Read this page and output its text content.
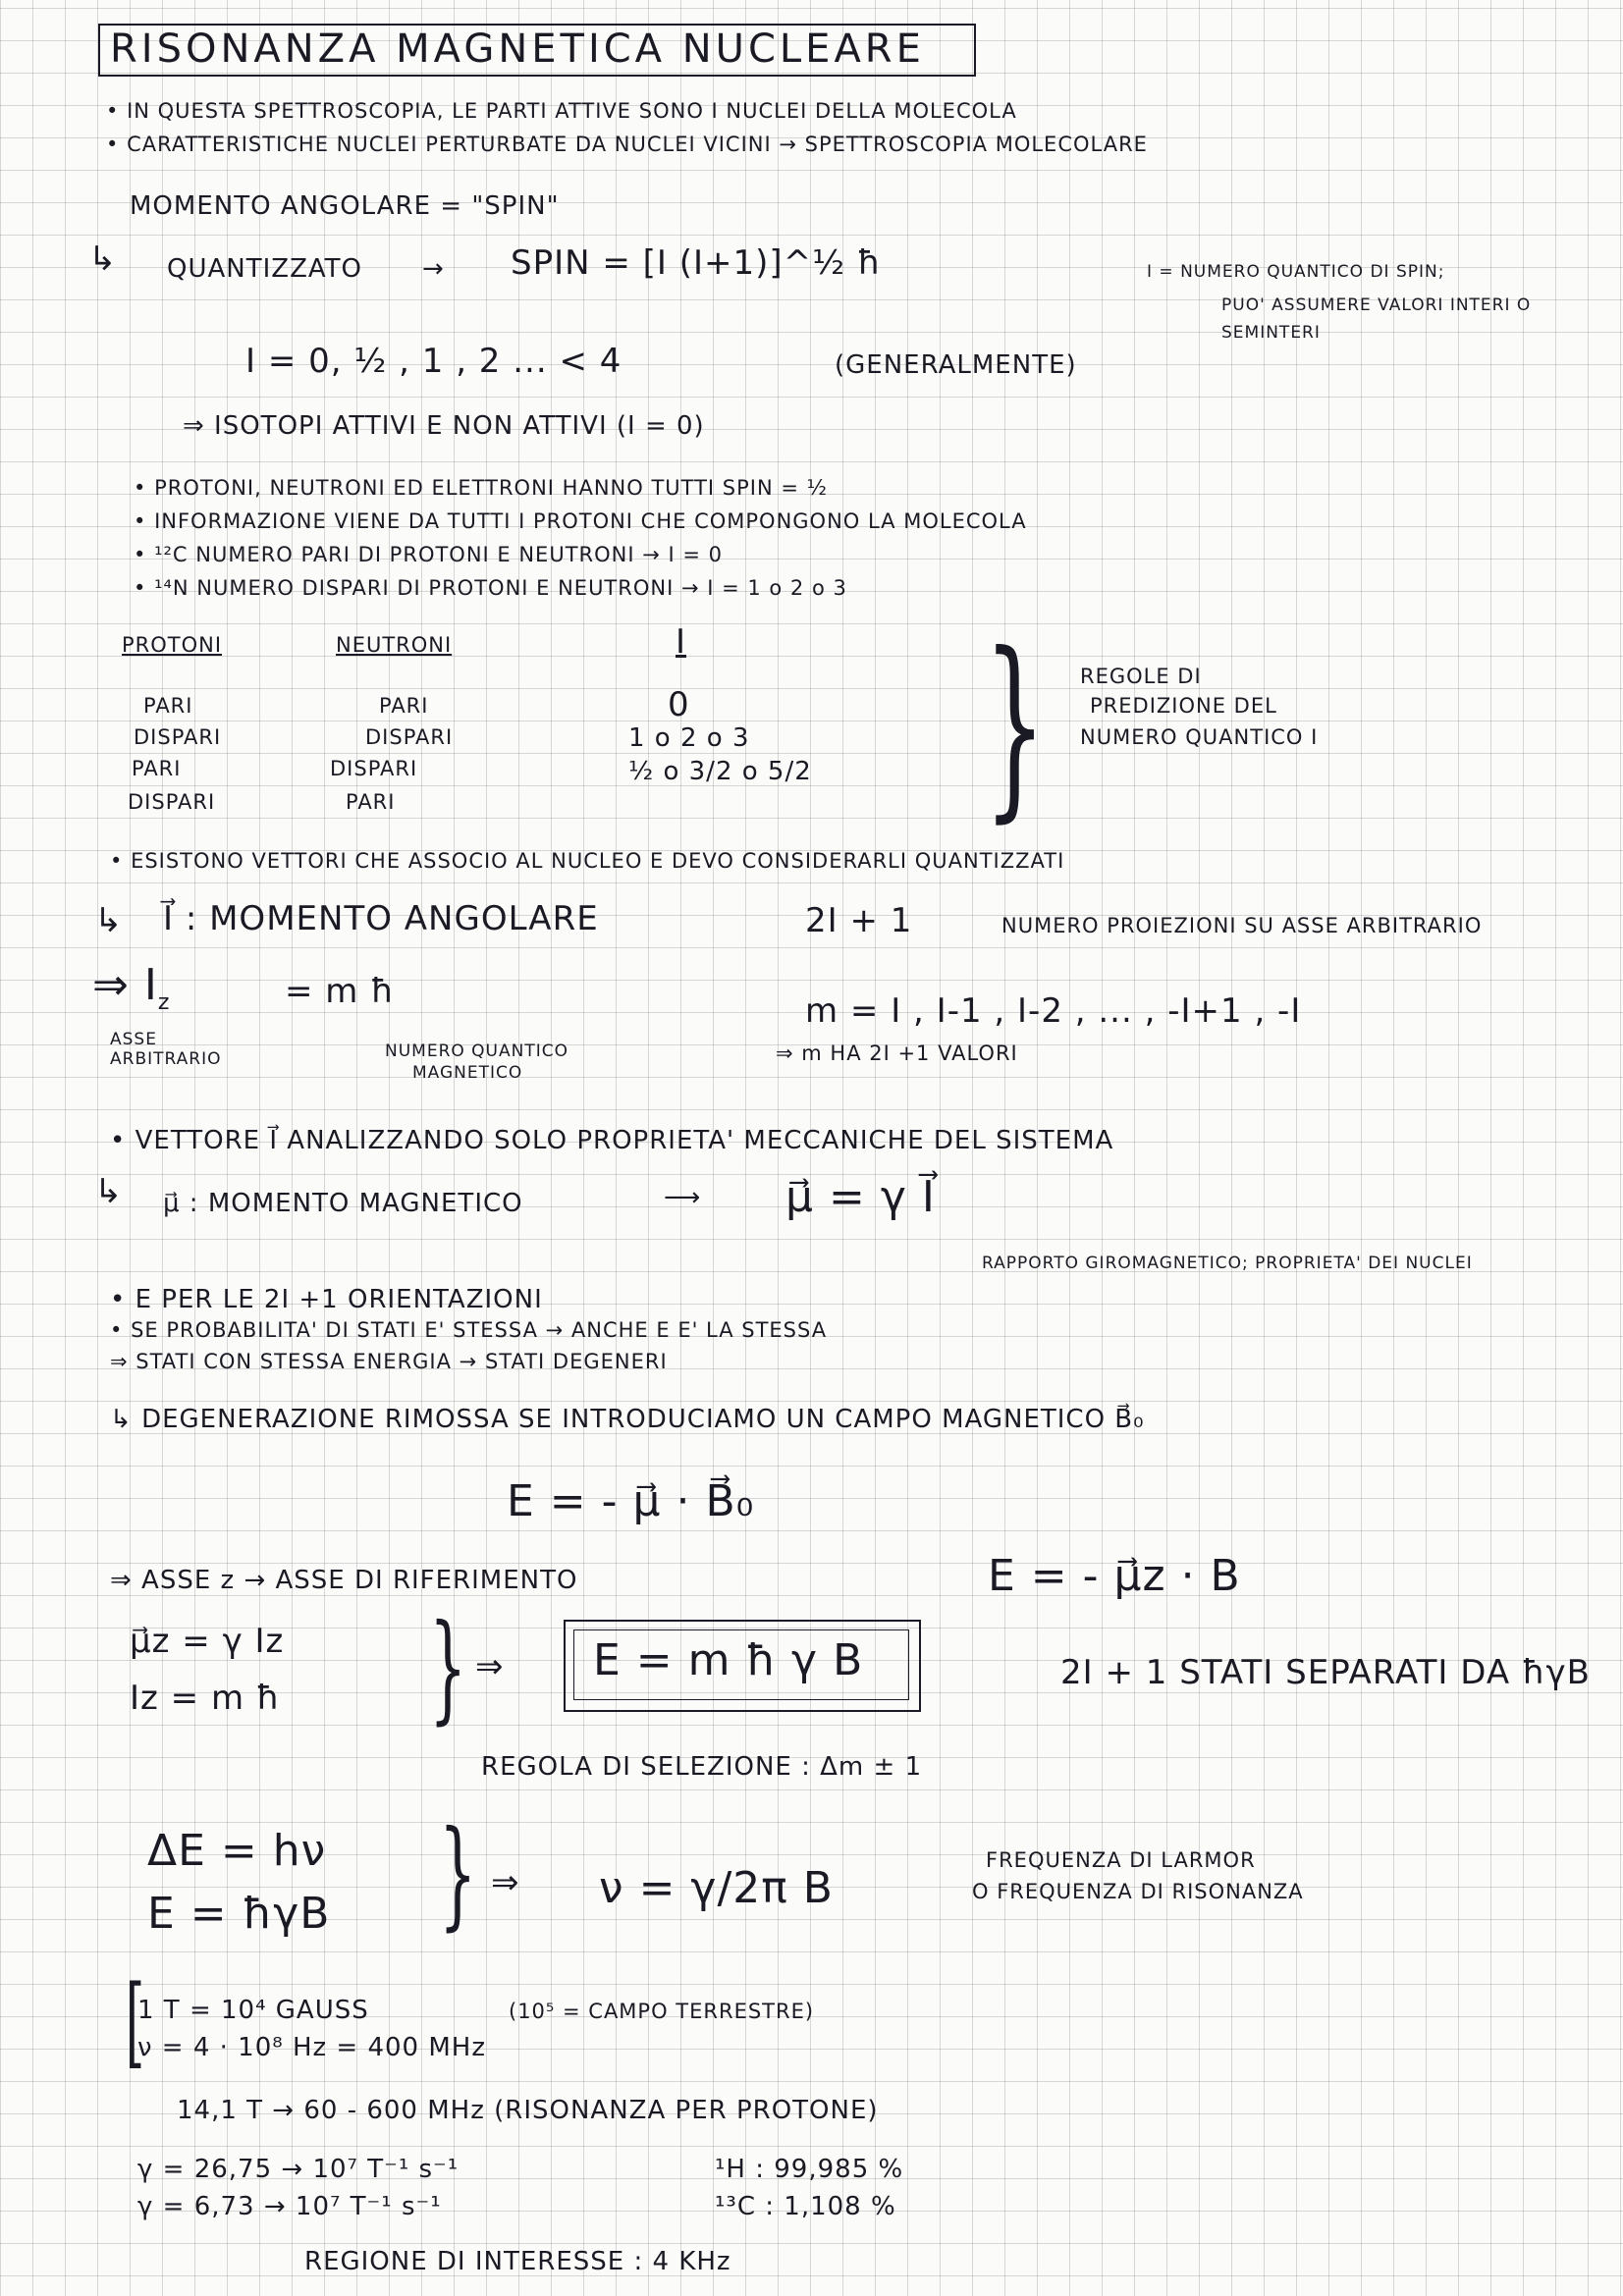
RISONANZA MAGNETICA NUCLEARE
• IN QUESTA SPETTROSCOPIA, LE PARTI ATTIVE SONO I NUCLEI DELLA MOLECOLA
• CARATTERISTICHE NUCLEI PERTURBATE DA NUCLEI VICINI → SPETTROSCOPIA MOLECOLARE
MOMENTO ANGOLARE = "SPIN"
↳ QUANTIZZATO → SPIN = [I (I+1)]^½ ħ	I = NUMERO QUANTICO DI SPIN;
PUO' ASSUMERE VALORI INTERI O
SEMINTERI
I = 0, ½ , 1 , 2 ... < 4	(GENERALMENTE)
⇒ ISOTOPI ATTIVI E NON ATTIVI (I = 0)
• PROTONI, NEUTRONI ED ELETTRONI HANNO TUTTI SPIN = ½
• INFORMAZIONE VIENE DA TUTTI I PROTONI CHE COMPONGONO LA MOLECOLA
• ¹²C NUMERO PARI DI PROTONI E NEUTRONI → I = 0
• ¹⁴N NUMERO DISPARI DI PROTONI E NEUTRONI → I = 1 o 2 o 3
PROTONI	NEUTRONI	I
PARI	PARI	0
DISPARI	DISPARI	1 o 2 o 3
PARI	DISPARI	½ o 3/2 o 5/2
DISPARI	PARI	} REGOLE DI
PREDIZIONE DEL
NUMERO QUANTICO I
• ESISTONO VETTORI CHE ASSOCIO AL NUCLEO E DEVO CONSIDERARLI QUANTIZZATI
↳ I⃗ : MOMENTO ANGOLARE	2I + 1	NUMERO PROIEZIONI SU ASSE ARBITRARIO
⇒ $I_z$	= m ħ
ASSE
ARBITRARIO	NUMERO QUANTICO
MAGNETICO
m = I , I-1 , I-2 , ... , -I+1 , -I
⇒ m HA 2I +1 VALORI
• VETTORE I⃗ ANALIZZANDO SOLO PROPRIETA' MECCANICHE DEL SISTEMA
↳ μ⃗ : MOMENTO MAGNETICO	⟶ μ⃗ = γ I⃗
RAPPORTO GIROMAGNETICO; PROPRIETA' DEI NUCLEI
• E PER LE 2I +1 ORIENTAZIONI
• SE PROBABILITA' DI STATI E' STESSA → ANCHE E E' LA STESSA
⇒ STATI CON STESSA ENERGIA → STATI DEGENERI
↳ DEGENERAZIONE RIMOSSA SE INTRODUCIAMO UN CAMPO MAGNETICO B⃗₀
E = - μ⃗ · B⃗₀
⇒ ASSE z → ASSE DI RIFERIMENTO	E = - μ⃗z · B
μ⃗z = γ Iz
Iz = m ħ } ⇒ E = m ħ γ B	2I + 1 STATI SEPARATI DA ħγB
REGOLA DI SELEZIONE : Δm ± 1
ΔE = hν
E = ħγB } ⇒ ν = γ/2π B
FREQUENZA DI LARMOR
O FREQUENZA DI RISONANZA
[
1 T = 10⁴ GAUSS	(10⁵ = CAMPO TERRESTRE)
ν = 4 · 10⁸ Hz = 400 MHz
14,1 T → 60 - 600 MHz (RISONANZA PER PROTONE)
γ = 26,75 → 10⁷ T⁻¹ s⁻¹
γ = 6,73 → 10⁷ T⁻¹ s⁻¹
¹H : 99,985 %
¹³C : 1,108 %
REGIONE DI INTERESSE : 4 KHz
